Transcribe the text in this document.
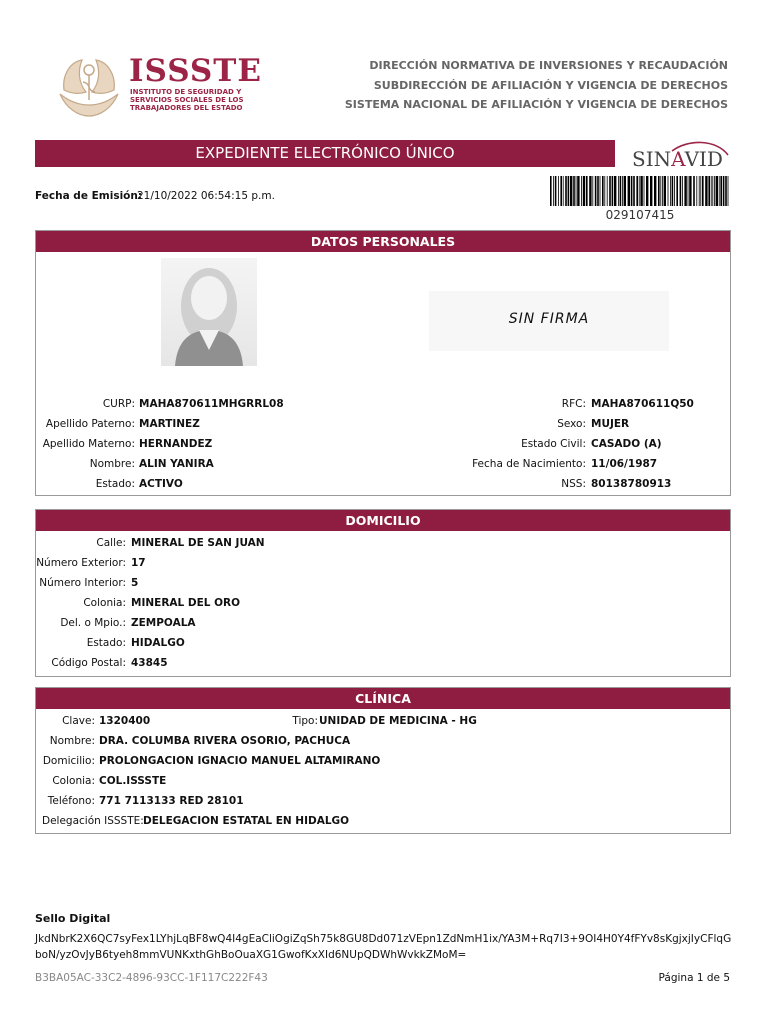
ISSSTE
INSTITUTO DE SEGURIDAD Y SERVICIOS SOCIALES DE LOS TRABAJADORES DEL ESTADO
DIRECCIÓN NORMATIVA DE INVERSIONES Y RECAUDACIÓN
SUBDIRECCIÓN DE AFILIACIÓN Y VIGENCIA DE DERECHOS
SISTEMA NACIONAL DE AFILIACIÓN Y VIGENCIA DE DERECHOS
EXPEDIENTE ELECTRÓNICO ÚNICO	SINAVID
Fecha de Emisión:
21/10/2022 06:54:15 p.m.
029107415
DATOS PERSONALES
SIN FIRMA
CURP: MAHA870611MHGRRL08
Apellido Paterno: MARTINEZ
Apellido Materno: HERNANDEZ
Nombre: ALIN YANIRA
Estado: ACTIVO
RFC: MAHA870611Q50
Sexo: MUJER
Estado Civil: CASADO (A)
Fecha de Nacimiento: 11/06/1987
NSS: 80138780913
DOMICILIO
Calle: MINERAL DE SAN JUAN
Número Exterior: 17
Número Interior: 5
Colonia: MINERAL DEL ORO
Del. o Mpio.: ZEMPOALA
Estado: HIDALGO
Código Postal: 43845
CLÍNICA
Clave: 1320400	Tipo: UNIDAD DE MEDICINA - HG
Nombre: DRA. COLUMBA RIVERA OSORIO, PACHUCA
Domicilio: PROLONGACION IGNACIO MANUEL ALTAMIRANO
Colonia: COL.ISSSTE
Teléfono: 771 7113133 RED 28101
Delegación ISSSTE: DELEGACION ESTATAL EN HIDALGO
Sello Digital
JkdNbrK2X6QC7syFex1LYhjLqBF8wQ4I4gEaCliOgiZqSh75k8GU8Dd071zVEpn1ZdNmH1ix/YA3M+Rq7I3+9OI4H0Y4fFYv8sKgjxjIyCFlqGboN/yzOvJyB6tyeh8mmVUNKxthGhBoOuaXG1GwofKxXId6NUpQDWhWvkkZMoM=
B3BA05AC-33C2-4896-93CC-1F117C222F43	Página 1 de 5
